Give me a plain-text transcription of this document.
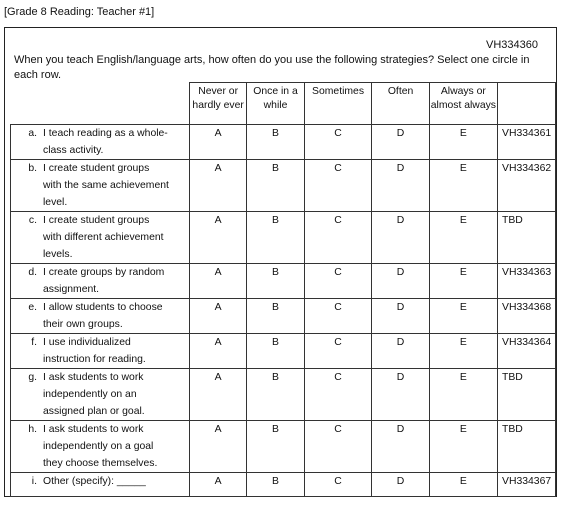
[Grade 8 Reading: Teacher #1]
VH334360
When you teach English/language arts, how often do you use the following strategies? Select one circle in each row.
	Never or hardly ever	Once in a while	Sometimes	Often	Always or almost always	
a. I teach reading as a whole-class activity.	A	B	C	D	E	VH334361
b. I create student groups with the same achievement level.	A	B	C	D	E	VH334362
c. I create student groups with different achievement levels.	A	B	C	D	E	TBD
d. I create groups by random assignment.	A	B	C	D	E	VH334363
e. I allow students to choose their own groups.	A	B	C	D	E	VH334368
f. I use individualized instruction for reading.	A	B	C	D	E	VH334364
g. I ask students to work independently on an assigned plan or goal.	A	B	C	D	E	TBD
h. I ask students to work independently on a goal they choose themselves.	A	B	C	D	E	TBD
i. Other (specify): _____	A	B	C	D	E	VH334367
